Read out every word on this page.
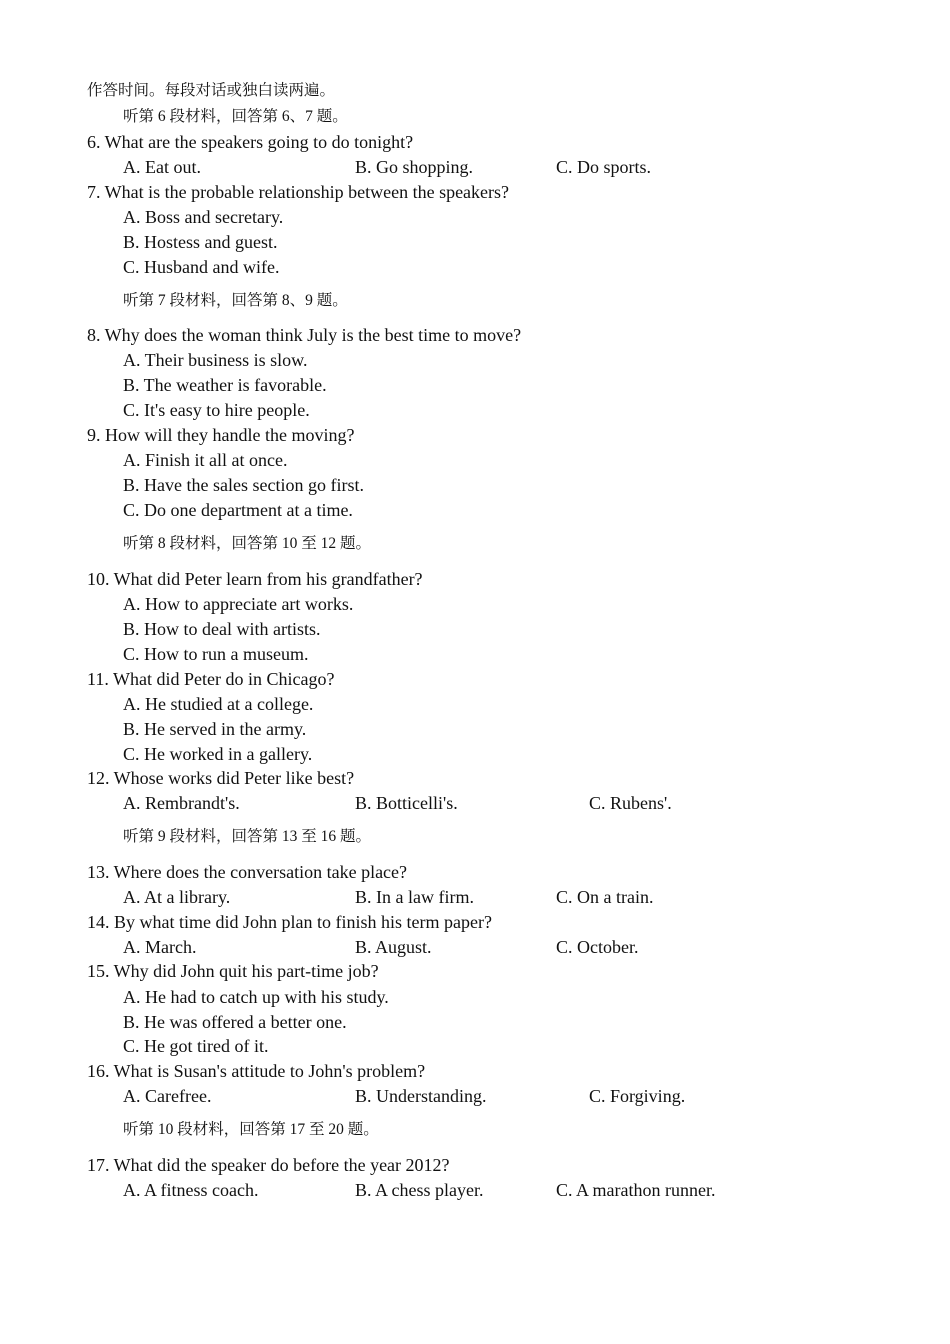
作答时间。每段对话或独白读两遍。
听第 6 段材料，回答第 6、7 题。
6. What are the speakers going to do tonight?
A. Eat out.	B. Go shopping.	C. Do sports.
7. What is the probable relationship between the speakers?
A. Boss and secretary.
B. Hostess and guest.
C. Husband and wife.
听第 7 段材料，回答第 8、9 题。
8. Why does the woman think July is the best time to move?
A. Their business is slow.
B. The weather is favorable.
C. It's easy to hire people.
9. How will they handle the moving?
A. Finish it all at once.
B. Have the sales section go first.
C. Do one department at a time.
听第 8 段材料，回答第 10 至 12 题。
10. What did Peter learn from his grandfather?
A. How to appreciate art works.
B. How to deal with artists.
C. How to run a museum.
11. What did Peter do in Chicago?
A. He studied at a college.
B. He served in the army.
C. He worked in a gallery.
12. Whose works did Peter like best?
A. Rembrandt's.	B. Botticelli's.	C. Rubens'.
听第 9 段材料，回答第 13 至 16 题。
13. Where does the conversation take place?
A. At a library.	B. In a law firm.	C. On a train.
14. By what time did John plan to finish his term paper?
A. March.	B. August.	C. October.
15. Why did John quit his part-time job?
A. He had to catch up with his study.
B. He was offered a better one.
C. He got tired of it.
16. What is Susan's attitude to John's problem?
A. Carefree.	B. Understanding.	C. Forgiving.
听第 10 段材料，回答第 17 至 20 题。
17. What did the speaker do before the year 2012?
A. A fitness coach.	B. A chess player.	C. A marathon runner.
